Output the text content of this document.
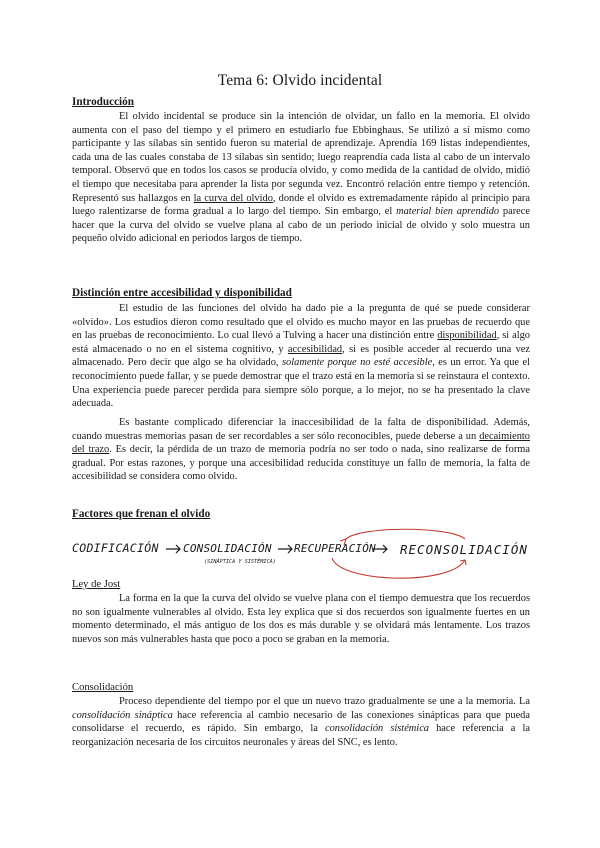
Tema 6: Olvido incidental
Introducción

El olvido incidental se produce sin la intención de olvidar, un fallo en la memoria. El olvido aumenta con el paso del tiempo y el primero en estudiarlo fue Ebbinghaus. Se utilizó a sí mismo como participante y las sílabas sin sentido fueron su material de aprendizaje. Aprendía 169 listas independientes, cada una de las cuales constaba de 13 sílabas sin sentido; luego reaprendía cada lista al cabo de un intervalo temporal. Observó que en todos los casos se producía olvido, y como medida de la cantidad de olvido, midió el tiempo que necesitaba para aprender la lista por segunda vez. Encontró relación entre tiempo y retención. Representó sus hallazgos en la curva del olvido, donde el olvido es extremadamente rápido al principio para luego ralentizarse de forma gradual a lo largo del tiempo. Sin embargo, el material bien aprendido parece hacer que la curva del olvido se vuelve plana al cabo de un periodo inicial de olvido y solo muestra un pequeño olvido adicional en periodos largos de tiempo.

Distinción entre accesibilidad y disponibilidad

El estudio de las funciones del olvido ha dado pie a la pregunta de qué se puede considerar «olvido». Los estudios dieron como resultado que el olvido es mucho mayor en las pruebas de recuerdo que en las pruebas de reconocimiento. Lo cual llevó a Tulving a hacer una distinción entre disponibilidad, si algo está almacenado o no en el sistema cognitivo, y accesibilidad, si es posible acceder al recuerdo una vez almacenado. Pero decir que algo se ha olvidado, solamente porque no esté accesible, es un error. Ya que el reconocimiento puede fallar, y se puede demostrar que el trazo está en la memoria si se reinstaura el contexto. Una experiencia puede parecer perdida para siempre sólo porque, a lo mejor, no se ha presentado la clave adecuada.

Es bastante complicado diferenciar la inaccesibilidad de la falta de disponibilidad. Además, cuando muestras memorias pasan de ser recordables a ser sólo reconocibles, puede deberse a un decaimiento del trazo. Es decir, la pérdida de un trazo de memoria podría no ser todo o nada, sino realizarse de forma gradual. Por estas razones, y porque una accesibilidad reducida constituye un fallo de memoria, la falta de accesibilidad se considera como olvido.

Factores que frenan el olvido
CODIFICACIÓN CONSOLIDACIÓN
(SINÁPTICA Y SISTÉMICA)
RECUPERACIÓN RECONSOLIDACIÓN
Ley de Jost

La forma en la que la curva del olvido se vuelve plana con el tiempo demuestra que los recuerdos no son igualmente vulnerables al olvido. Esta ley explica que si dos recuerdos son igualmente fuertes en un momento determinado, el más antiguo de los dos es más durable y se olvidará más lentamente. Los trazos nuevos son más vulnerables hasta que poco a poco se graban en la memoria.

Consolidación

Proceso dependiente del tiempo por el que un nuevo trazo gradualmente se une a la memoria. La consolidación sináptica hace referencia al cambio necesario de las conexiones sinápticas para que pueda consolidarse el recuerdo, es rápido. Sin embargo, la consolidación sistémica hace referencia a la reorganización necesaria de los circuitos neuronales y áreas del SNC, es lento.
